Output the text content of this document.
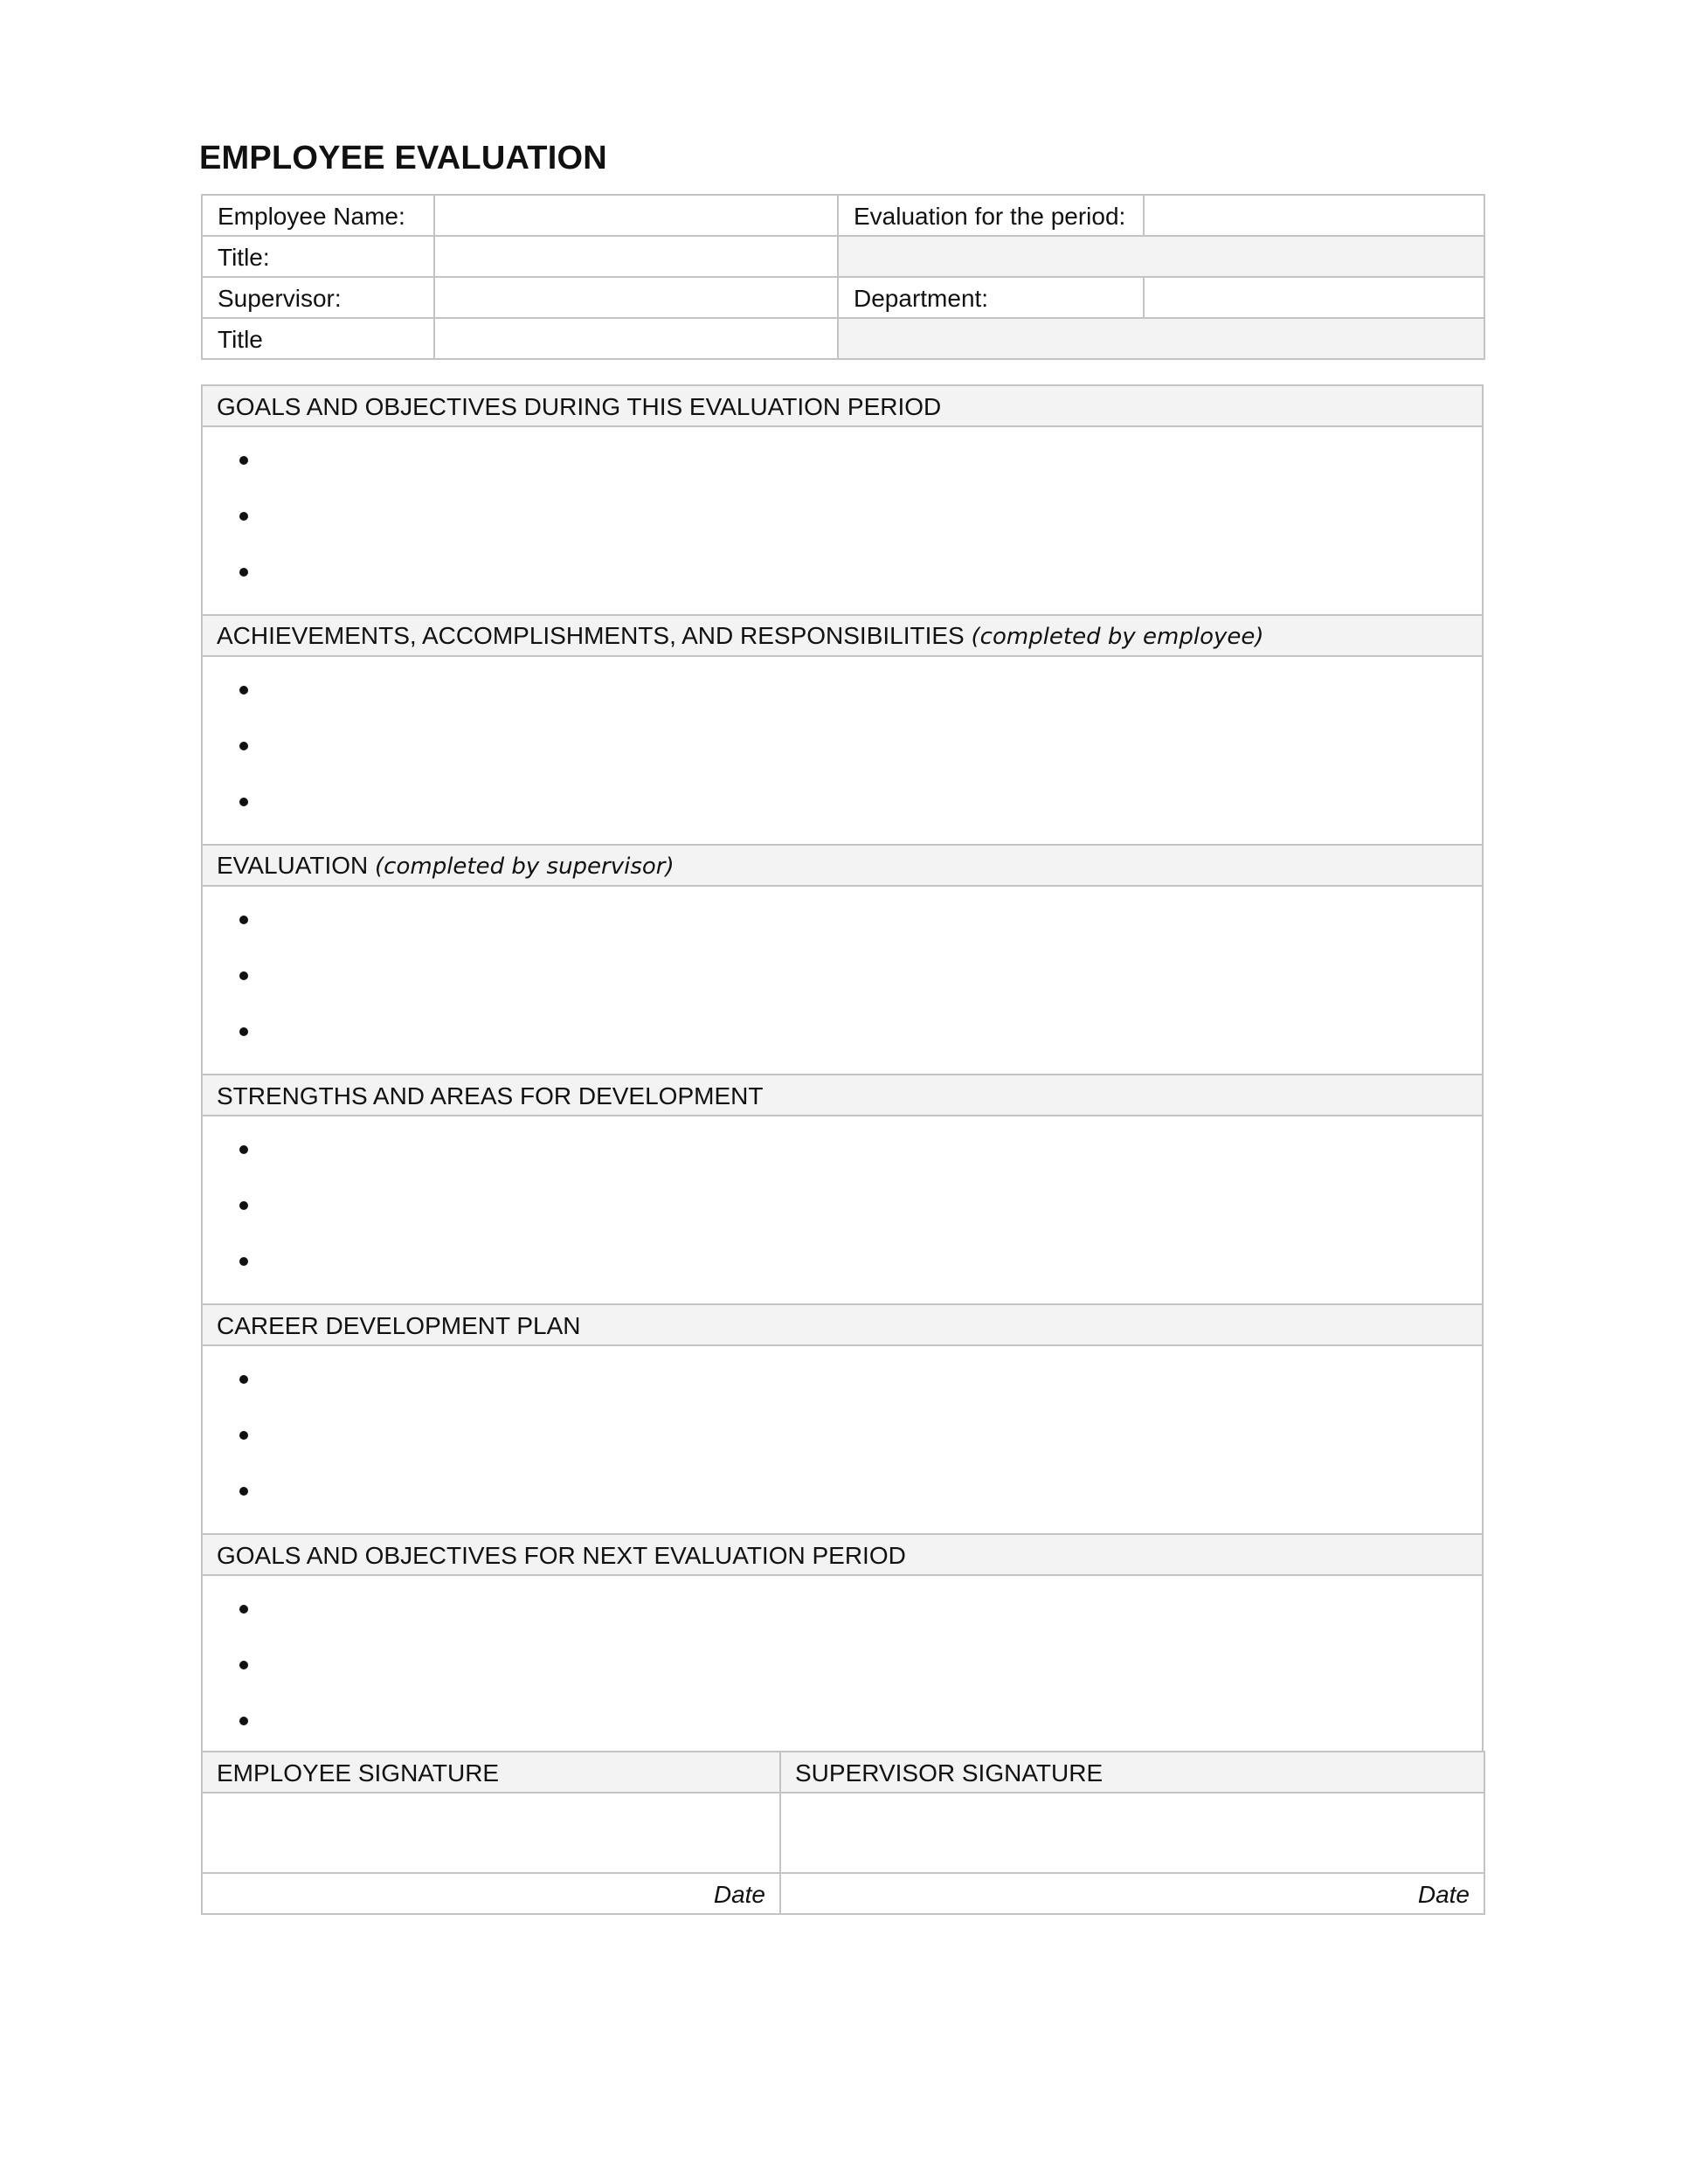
EMPLOYEE EVALUATION
Employee Name:		Evaluation for the period:	
Title:			
Supervisor:		Department:	
Title			
GOALS AND OBJECTIVES DURING THIS EVALUATION PERIOD

ACHIEVEMENTS, ACCOMPLISHMENTS, AND RESPONSIBILITIES (completed by employee)

EVALUATION (completed by supervisor)

STRENGTHS AND AREAS FOR DEVELOPMENT

CAREER DEVELOPMENT PLAN

GOALS AND OBJECTIVES FOR NEXT EVALUATION PERIOD

EMPLOYEE SIGNATURE	SUPERVISOR SIGNATURE

Date	Date
